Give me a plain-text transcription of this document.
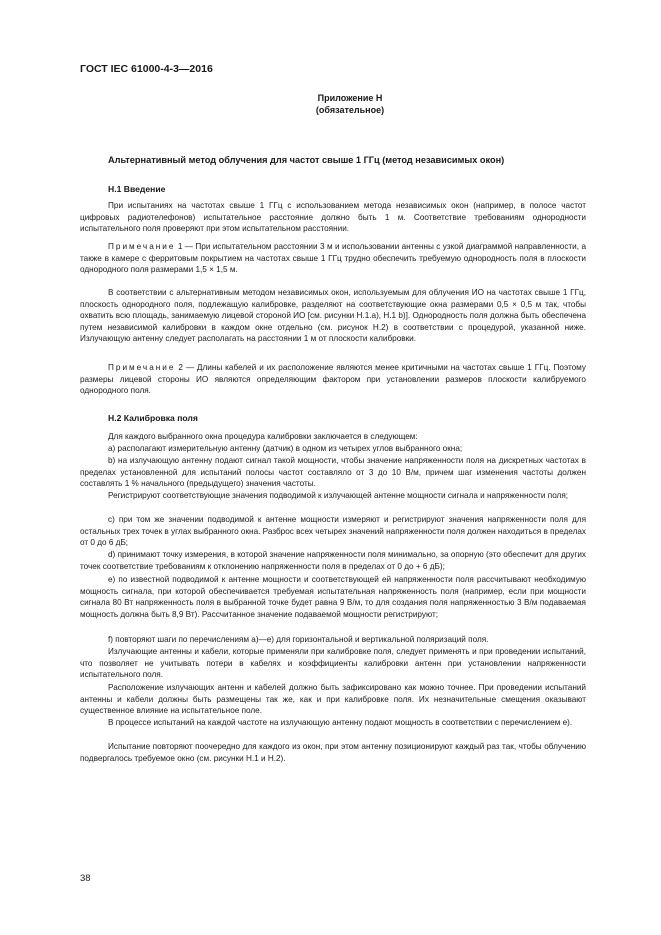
ГОСТ IEC 61000-4-3—2016
Приложение Н
(обязательное)
Альтернативный метод облучения для частот свыше 1 ГГц (метод независимых окон)
Н.1 Введение

При испытаниях на частотах свыше 1 ГГц с использованием метода независимых окон (например, в полосе частот цифровых радиотелефонов) испытательное расстояние должно быть 1 м. Соответствие требованиям однородности испытательного поля проверяют при этом испытательном расстоянии.

Примечание 1 — При испытательном расстоянии 3 м и использовании антенны с узкой диаграммой направленности, а также в камере с ферритовым покрытием на частотах свыше 1 ГГц трудно обеспечить требуемую однородность поля в плоскости однородного поля размерами 1,5 × 1,5 м.

В соответствии с альтернативным методом независимых окон, используемым для облучения ИО на частотах свыше 1 ГГц, плоскость однородного поля, подлежащую калибровке, разделяют на соответствующие окна размерами 0,5 × 0,5 м так, чтобы охватить всю площадь, занимаемую лицевой стороной ИО [см. рисунки Н.1.а), Н.1 b)]. Однородность поля должна быть обеспечена путем независимой калибровки в каждом окне отдельно (см. рисунок Н.2) в соответствии с процедурой, указанной ниже. Излучающую антенну следует располагать на расстоянии 1 м от плоскости калибровки.

Примечание 2 — Длины кабелей и их расположение являются менее критичными на частотах свыше 1 ГГц. Поэтому размеры лицевой стороны ИО являются определяющим фактором при установлении размеров плоскости калибруемого однородного поля.

Н.2 Калибровка поля

Для каждого выбранного окна процедура калибровки заключается в следующем:

a) располагают измерительную антенну (датчик) в одном из четырех углов выбранного окна;

b) на излучающую антенну подают сигнал такой мощности, чтобы значение напряженности поля на дискретных частотах в пределах установленной для испытаний полосы частот составляло от 3 до 10 В/м, причем шаг изменения частоты должен составлять 1 % начального (предыдущего) значения частоты.

Регистрируют соответствующие значения подводимой к излучающей антенне мощности сигнала и напряженности поля;

c) при том же значении подводимой к антенне мощности измеряют и регистрируют значения напряженности поля для остальных трех точек в углах выбранного окна. Разброс всех четырех значений напряженности поля должен находиться в пределах от 0 до 6 дБ;

d) принимают точку измерения, в которой значение напряженности поля минимально, за опорную (это обеспечит для других точек соответствие требованиям к отклонению напряженности поля в пределах от 0 до + 6 дБ);

e) по известной подводимой к антенне мощности и соответствующей ей напряженности поля рассчитывают необходимую мощность сигнала, при которой обеспечивается требуемая испытательная напряженность поля (например, если при мощности сигнала 80 Вт напряженность поля в выбранной точке будет равна 9 В/м, то для создания поля напряженностью 3 В/м подаваемая мощность должна быть 8,9 Вт). Рассчитанное значение подаваемой мощности регистрируют;

f) повторяют шаги по перечислениям а)—е) для горизонтальной и вертикальной поляризаций поля.

Излучающие антенны и кабели, которые применяли при калибровке поля, следует применять и при проведении испытаний, что позволяет не учитывать потери в кабелях и коэффициенты калибровки антенн при установлении напряженности испытательного поля.

Расположение излучающих антенн и кабелей должно быть зафиксировано как можно точнее. При проведении испытаний антенны и кабели должны быть размещены так же, как и при калибровке поля. Их незначительные смещения оказывают существенное влияние на испытательное поле.

В процессе испытаний на каждой частоте на излучающую антенну подают мощность в соответствии с перечислением е).

Испытание повторяют поочередно для каждого из окон, при этом антенну позиционируют каждый раз так, чтобы облучению подвергалось требуемое окно (см. рисунки Н.1 и Н.2).

38
